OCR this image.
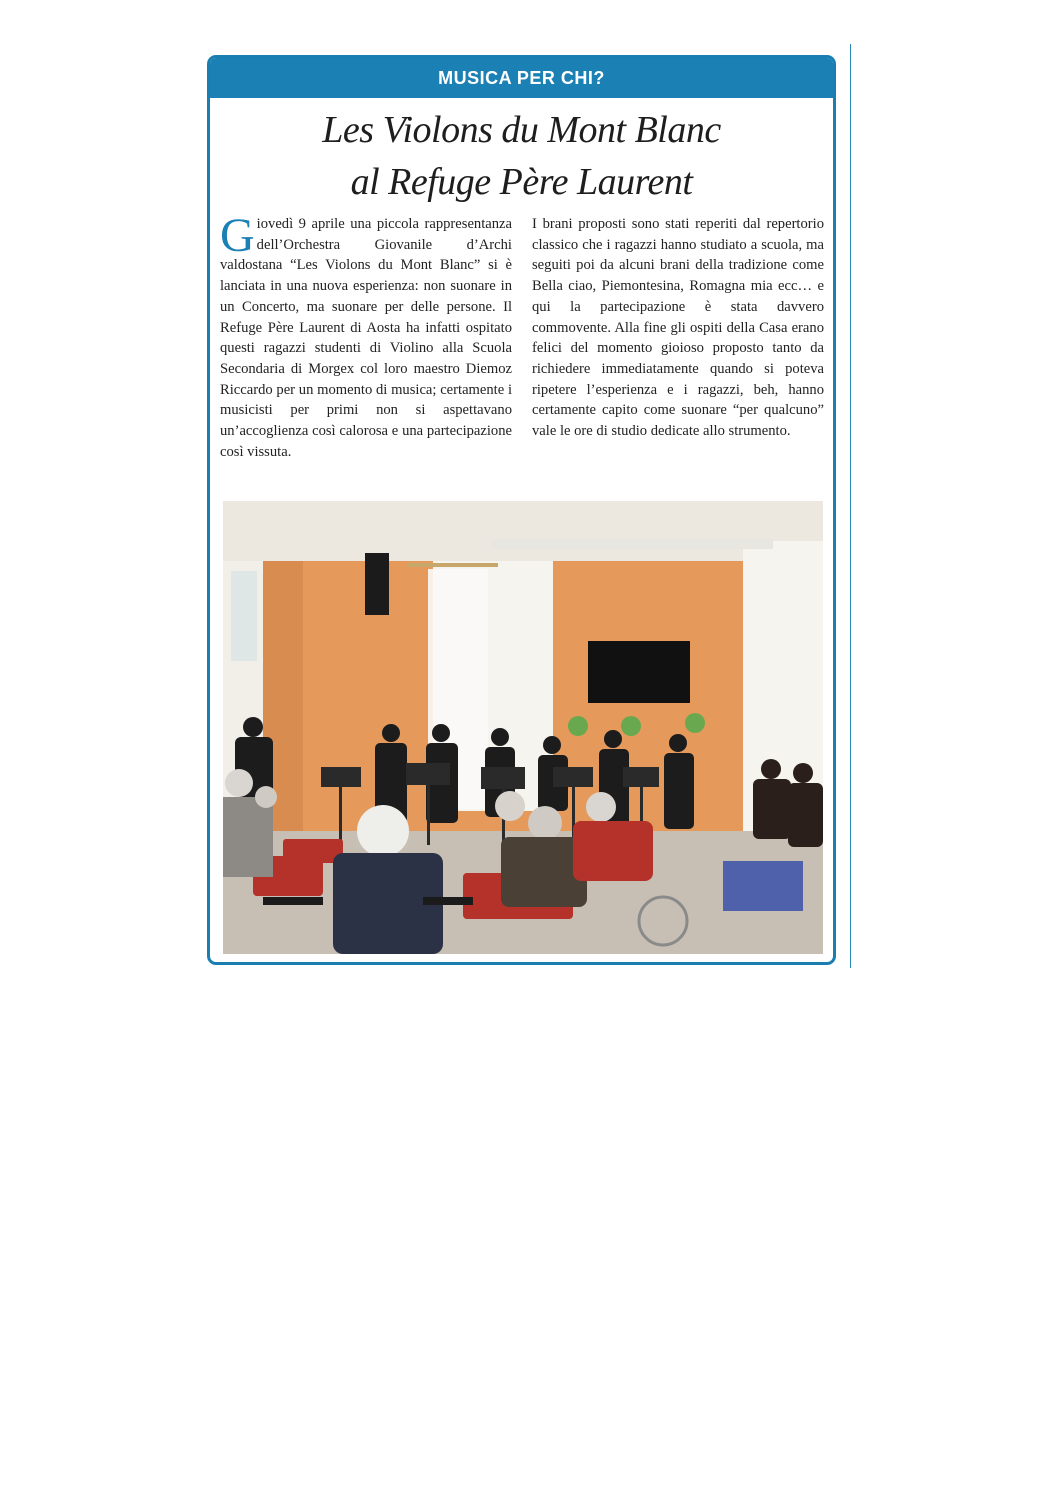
MUSICA PER CHI?
Les Violons du Mont Blanc
al Refuge Père Laurent

Giovedì 9 aprile una piccola rappresentanza dell’Orchestra Giovanile d’Archi valdostana “Les Violons du Mont Blanc” si è lanciata in una nuova esperienza: non suonare in un Concerto, ma suonare per delle persone. Il Refuge Père Laurent di Aosta ha infatti ospitato questi ragazzi studenti di Violino alla Scuola Secondaria di Morgex col loro maestro Diemoz Riccardo per un momento di musica; certamente i musicisti per primi non si aspettavano un’accoglienza così calorosa e una partecipazione così vissuta.

I brani proposti sono stati reperiti dal repertorio classico che i ragazzi hanno studiato a scuola, ma seguiti poi da alcuni brani della tradizione come Bella ciao, Piemontesina, Romagna mia ecc… e qui la partecipazione è stata davvero commovente. Alla fine gli ospiti della Casa erano felici del momento gioioso proposto tanto da richiedere immediatamente quando si poteva ripetere l’esperienza e i ragazzi, beh, hanno certamente capito come suonare “per qualcuno” vale le ore di studio dedicate allo strumento.
